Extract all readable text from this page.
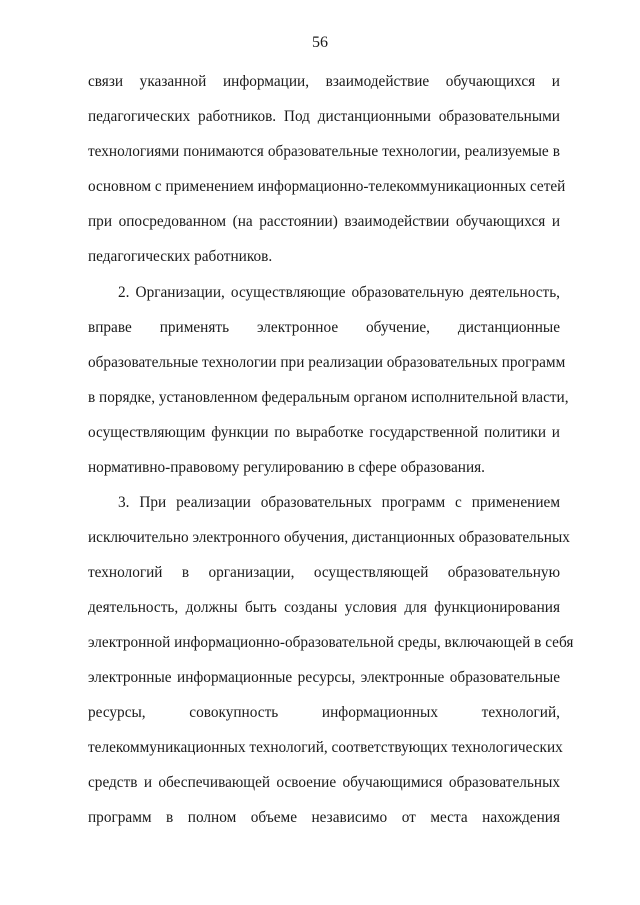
56
связи указанной информации, взаимодействие обучающихся и
педагогических работников. Под дистанционными образовательными
технологиями понимаются образовательные технологии, реализуемые в
основном с применением информационно-телекоммуникационных сетей
при опосредованном (на расстоянии) взаимодействии обучающихся и
педагогических работников.
2. Организации, осуществляющие образовательную деятельность,
вправе применять электронное обучение, дистанционные
образовательные технологии при реализации образовательных программ
в порядке, установленном федеральным органом исполнительной власти,
осуществляющим функции по выработке государственной политики и
нормативно-правовому регулированию в сфере образования.
3. При реализации образовательных программ с применением
исключительно электронного обучения, дистанционных образовательных
технологий в организации, осуществляющей образовательную
деятельность, должны быть созданы условия для функционирования
электронной информационно-образовательной среды, включающей в себя
электронные информационные ресурсы, электронные образовательные
ресурсы, совокупность информационных технологий,
телекоммуникационных технологий, соответствующих технологических
средств и обеспечивающей освоение обучающимися образовательных
программ в полном объеме независимо от места нахождения
